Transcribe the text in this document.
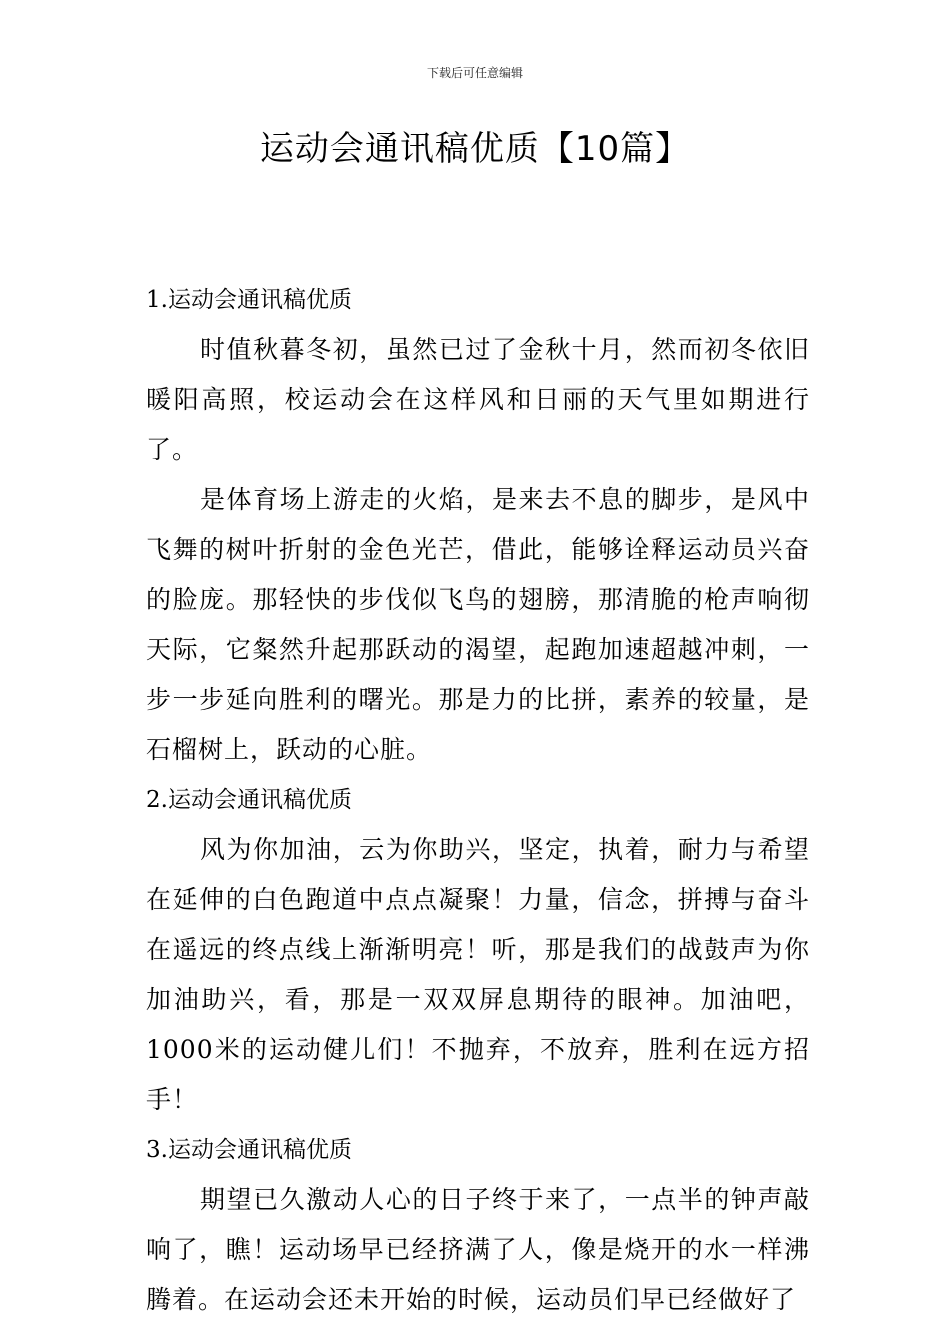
下载后可任意编辑
运动会通讯稿优质【10篇】
1.运动会通讯稿优质

时值秋暮冬初，虽然已过了金秋十月，然而初冬依旧暖阳高照，校运动会在这样风和日丽的天气里如期进行了。

是体育场上游走的火焰，是来去不息的脚步，是风中飞舞的树叶折射的金色光芒，借此，能够诠释运动员兴奋的脸庞。那轻快的步伐似飞鸟的翅膀，那清脆的枪声响彻天际，它粲然升起那跃动的渴望，起跑加速超越冲刺，一步一步延向胜利的曙光。那是力的比拼，素养的较量，是石榴树上，跃动的心脏。

2.运动会通讯稿优质

风为你加油，云为你助兴，坚定，执着，耐力与希望在延伸的白色跑道中点点凝聚！力量，信念，拼搏与奋斗在遥远的终点线上渐渐明亮！听，那是我们的战鼓声为你加油助兴，看，那是一双双屏息期待的眼神。加油吧，1000米的运动健儿们！不抛弃，不放弃，胜利在远方招手！

3.运动会通讯稿优质

期望已久激动人心的日子终于来了，一点半的钟声敲响了，瞧！运动场早已经挤满了人，像是烧开的水一样沸腾着。在运动会还未开始的时候，运动员们早已经做好了
